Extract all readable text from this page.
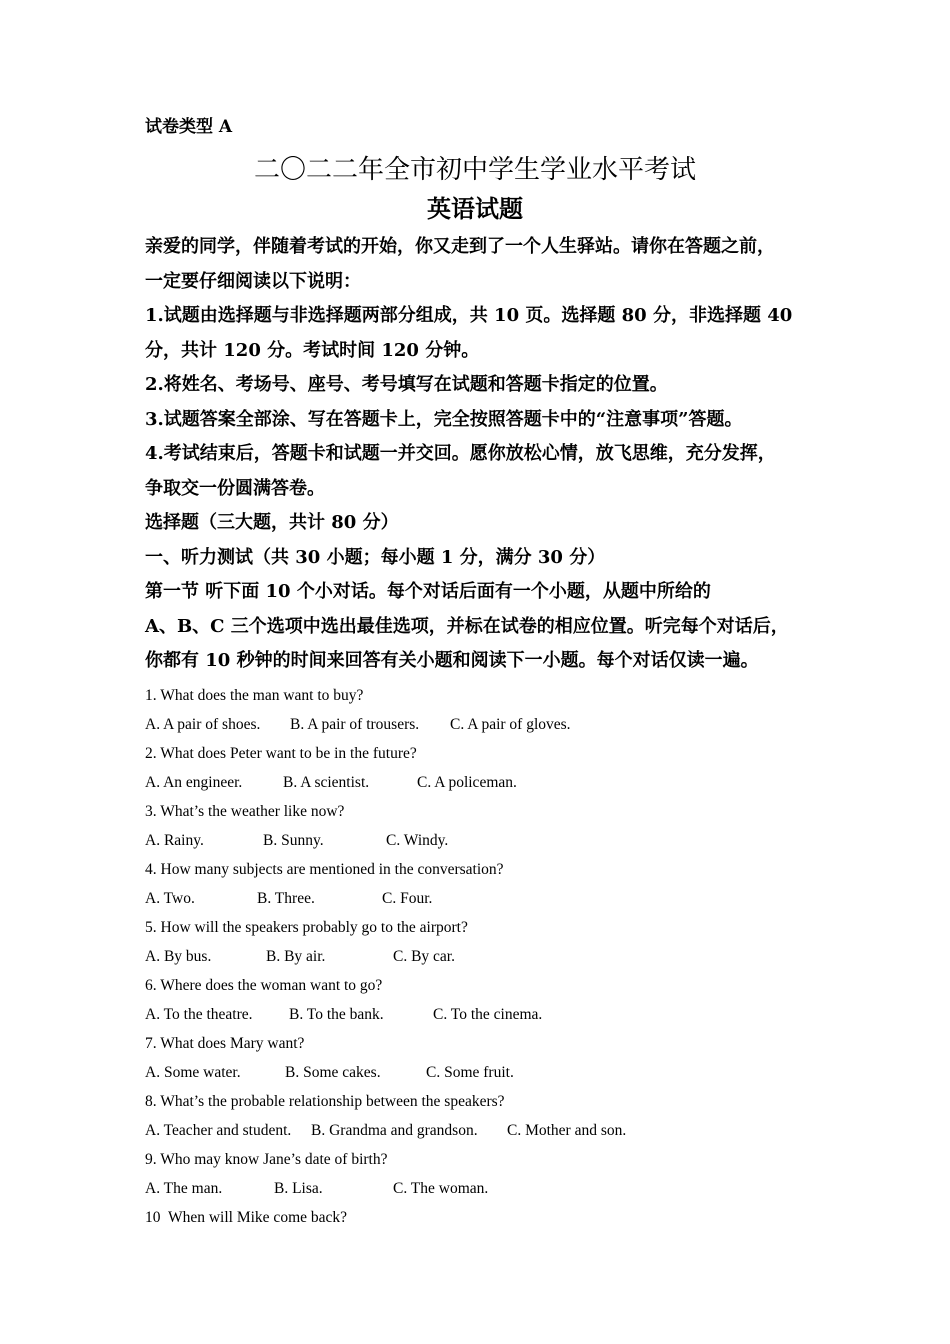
试卷类型 A
二〇二二年全市初中学生学业水平考试
英语试题
亲爱的同学，伴随着考试的开始，你又走到了一个人生驿站。请你在答题之前，
一定要仔细阅读以下说明：
1.试题由选择题与非选择题两部分组成，共 10 页。选择题 80 分，非选择题 40
分，共计 120 分。考试时间 120 分钟。
2.将姓名、考场号、座号、考号填写在试题和答题卡指定的位置。
3.试题答案全部涂、写在答题卡上，完全按照答题卡中的“注意事项”答题。
4.考试结束后，答题卡和试题一并交回。愿你放松心情，放飞思维，充分发挥，
争取交一份圆满答卷。
选择题（三大题，共计 80 分）
一、听力测试（共 30 小题；每小题 1 分，满分 30 分）
第一节 听下面 10 个小对话。每个对话后面有一个小题，从题中所给的
A、B、C 三个选项中选出最佳选项，并标在试卷的相应位置。听完每个对话后，
你都有 10 秒钟的时间来回答有关小题和阅读下一小题。每个对话仅读一遍。
1. What does the man want to buy?
A. A pair of shoes. B. A pair of trousers. C. A pair of gloves.
2. What does Peter want to be in the future?
A. An engineer.	B. A scientist.	C. A policeman.
3. What’s the weather like now?
A. Rainy.	B. Sunny.	C. Windy.
4. How many subjects are mentioned in the conversation?
A. Two.	B. Three.	C. Four.
5. How will the speakers probably go to the airport?
A. By bus.	B. By air.	C. By car.
6. Where does the woman want to go?
A. To the theatre. B. To the bank.	C. To the cinema.
7. What does Mary want?
A. Some water.	B. Some cakes.	C. Some fruit.
8. What’s the probable relationship between the speakers?
A. Teacher and student. B. Grandma and grandson. C. Mother and son.
9. Who may know Jane’s date of birth?
A. The man.	B. Lisa.	C. The woman.
10  When will Mike come back?
